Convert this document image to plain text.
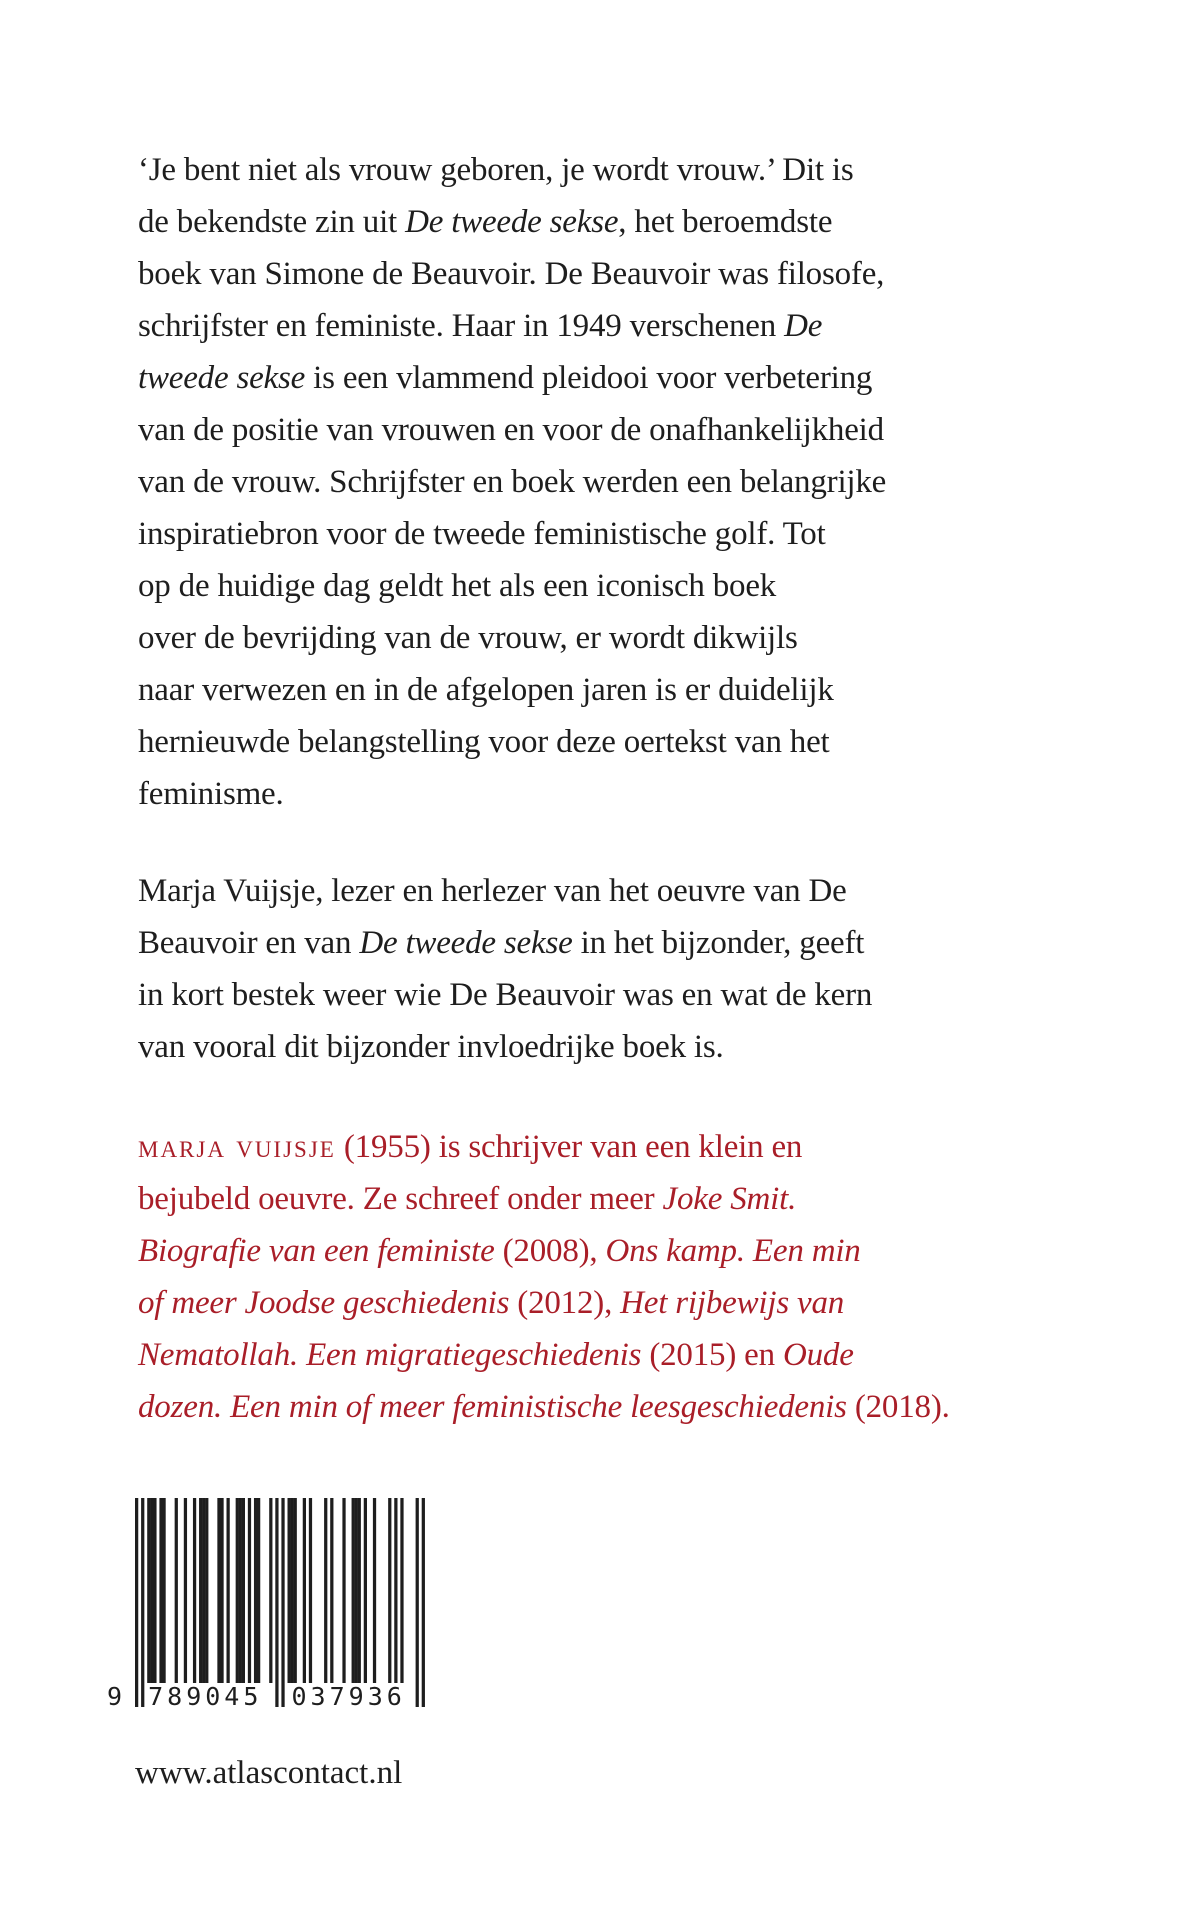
‘Je bent niet als vrouw geboren, je wordt vrouw.’ Dit is
de bekendste zin uit De tweede sekse, het beroemdste
boek van Simone de Beauvoir. De Beauvoir was filosofe,
schrijfster en feministe. Haar in 1949 verschenen De
tweede sekse is een vlammend pleidooi voor verbetering
van de positie van vrouwen en voor de onafhankelijkheid
van de vrouw. Schrijfster en boek werden een belangrijke
inspiratiebron voor de tweede feministische golf. Tot
op de huidige dag geldt het als een iconisch boek
over de bevrijding van de vrouw, er wordt dikwijls
naar verwezen en in de afgelopen jaren is er duidelijk
hernieuwde belangstelling voor deze oertekst van het
feminisme.
Marja Vuijsje, lezer en herlezer van het oeuvre van De
Beauvoir en van De tweede sekse in het bijzonder, geeft
in kort bestek weer wie De Beauvoir was en wat de kern
van vooral dit bijzonder invloedrijke boek is.
marja vuijsje (1955) is schrijver van een klein en
bejubeld oeuvre. Ze schreef onder meer Joke Smit.
Biografie van een feministe (2008), Ons kamp. Een min
of meer Joodse geschiedenis (2012), Het rijbewijs van
Nematollah. Een migratiegeschiedenis (2015) en Oude
dozen. Een min of meer feministische leesgeschiedenis (2018).
9 789045 037936
www.atlascontact.nl
